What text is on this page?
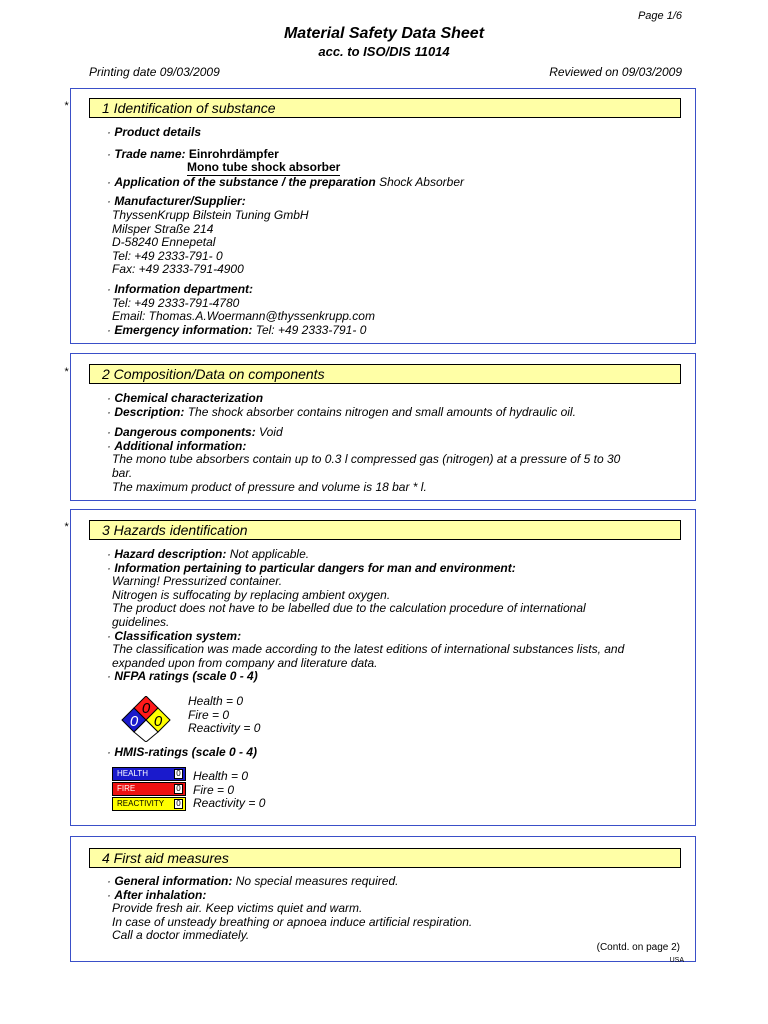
Page 1/6
Material Safety Data Sheet
acc. to ISO/DIS 11014
Printing date 09/03/2009	Reviewed on 09/03/2009
*	1 Identification of substance
· Product details
· Trade name: Einrohrdämpfer
Mono tube shock absorber
· Application of the substance / the preparation Shock Absorber
· Manufacturer/Supplier:
ThyssenKrupp Bilstein Tuning GmbH
Milsper Straße 214
D-58240 Ennepetal
Tel: +49 2333-791- 0
Fax: +49 2333-791-4900
· Information department:
Tel: +49 2333-791-4780
Email: Thomas.A.Woermann@thyssenkrupp.com
· Emergency information: Tel: +49 2333-791- 0
*	2 Composition/Data on components
· Chemical characterization
· Description: The shock absorber contains nitrogen and small amounts of hydraulic oil.
· Dangerous components: Void
· Additional information:
The mono tube absorbers contain up to 0.3 l compressed gas (nitrogen) at a pressure of 5 to 30
bar.
The maximum product of pressure and volume is 18 bar * l.
*	3 Hazards identification
· Hazard description: Not applicable.
· Information pertaining to particular dangers for man and environment:
Warning! Pressurized container.
Nitrogen is suffocating by replacing ambient oxygen.
The product does not have to be labelled due to the calculation procedure of international
guidelines.
· Classification system:
The classification was made according to the latest editions of international substances lists, and
expanded upon from company and literature data.
· NFPA ratings (scale 0 - 4)
0
0 0
Health = 0
Fire = 0
Reactivity = 0
· HMIS-ratings (scale 0 - 4)
HEALTH	0
FIRE	0
REACTIVITY 0
Health = 0
Fire = 0
Reactivity = 0
4 First aid measures
· General information: No special measures required.
· After inhalation:
Provide fresh air. Keep victims quiet and warm.
In case of unsteady breathing or apnoea induce artificial respiration.
Call a doctor immediately.
(Contd. on page 2)
USA
